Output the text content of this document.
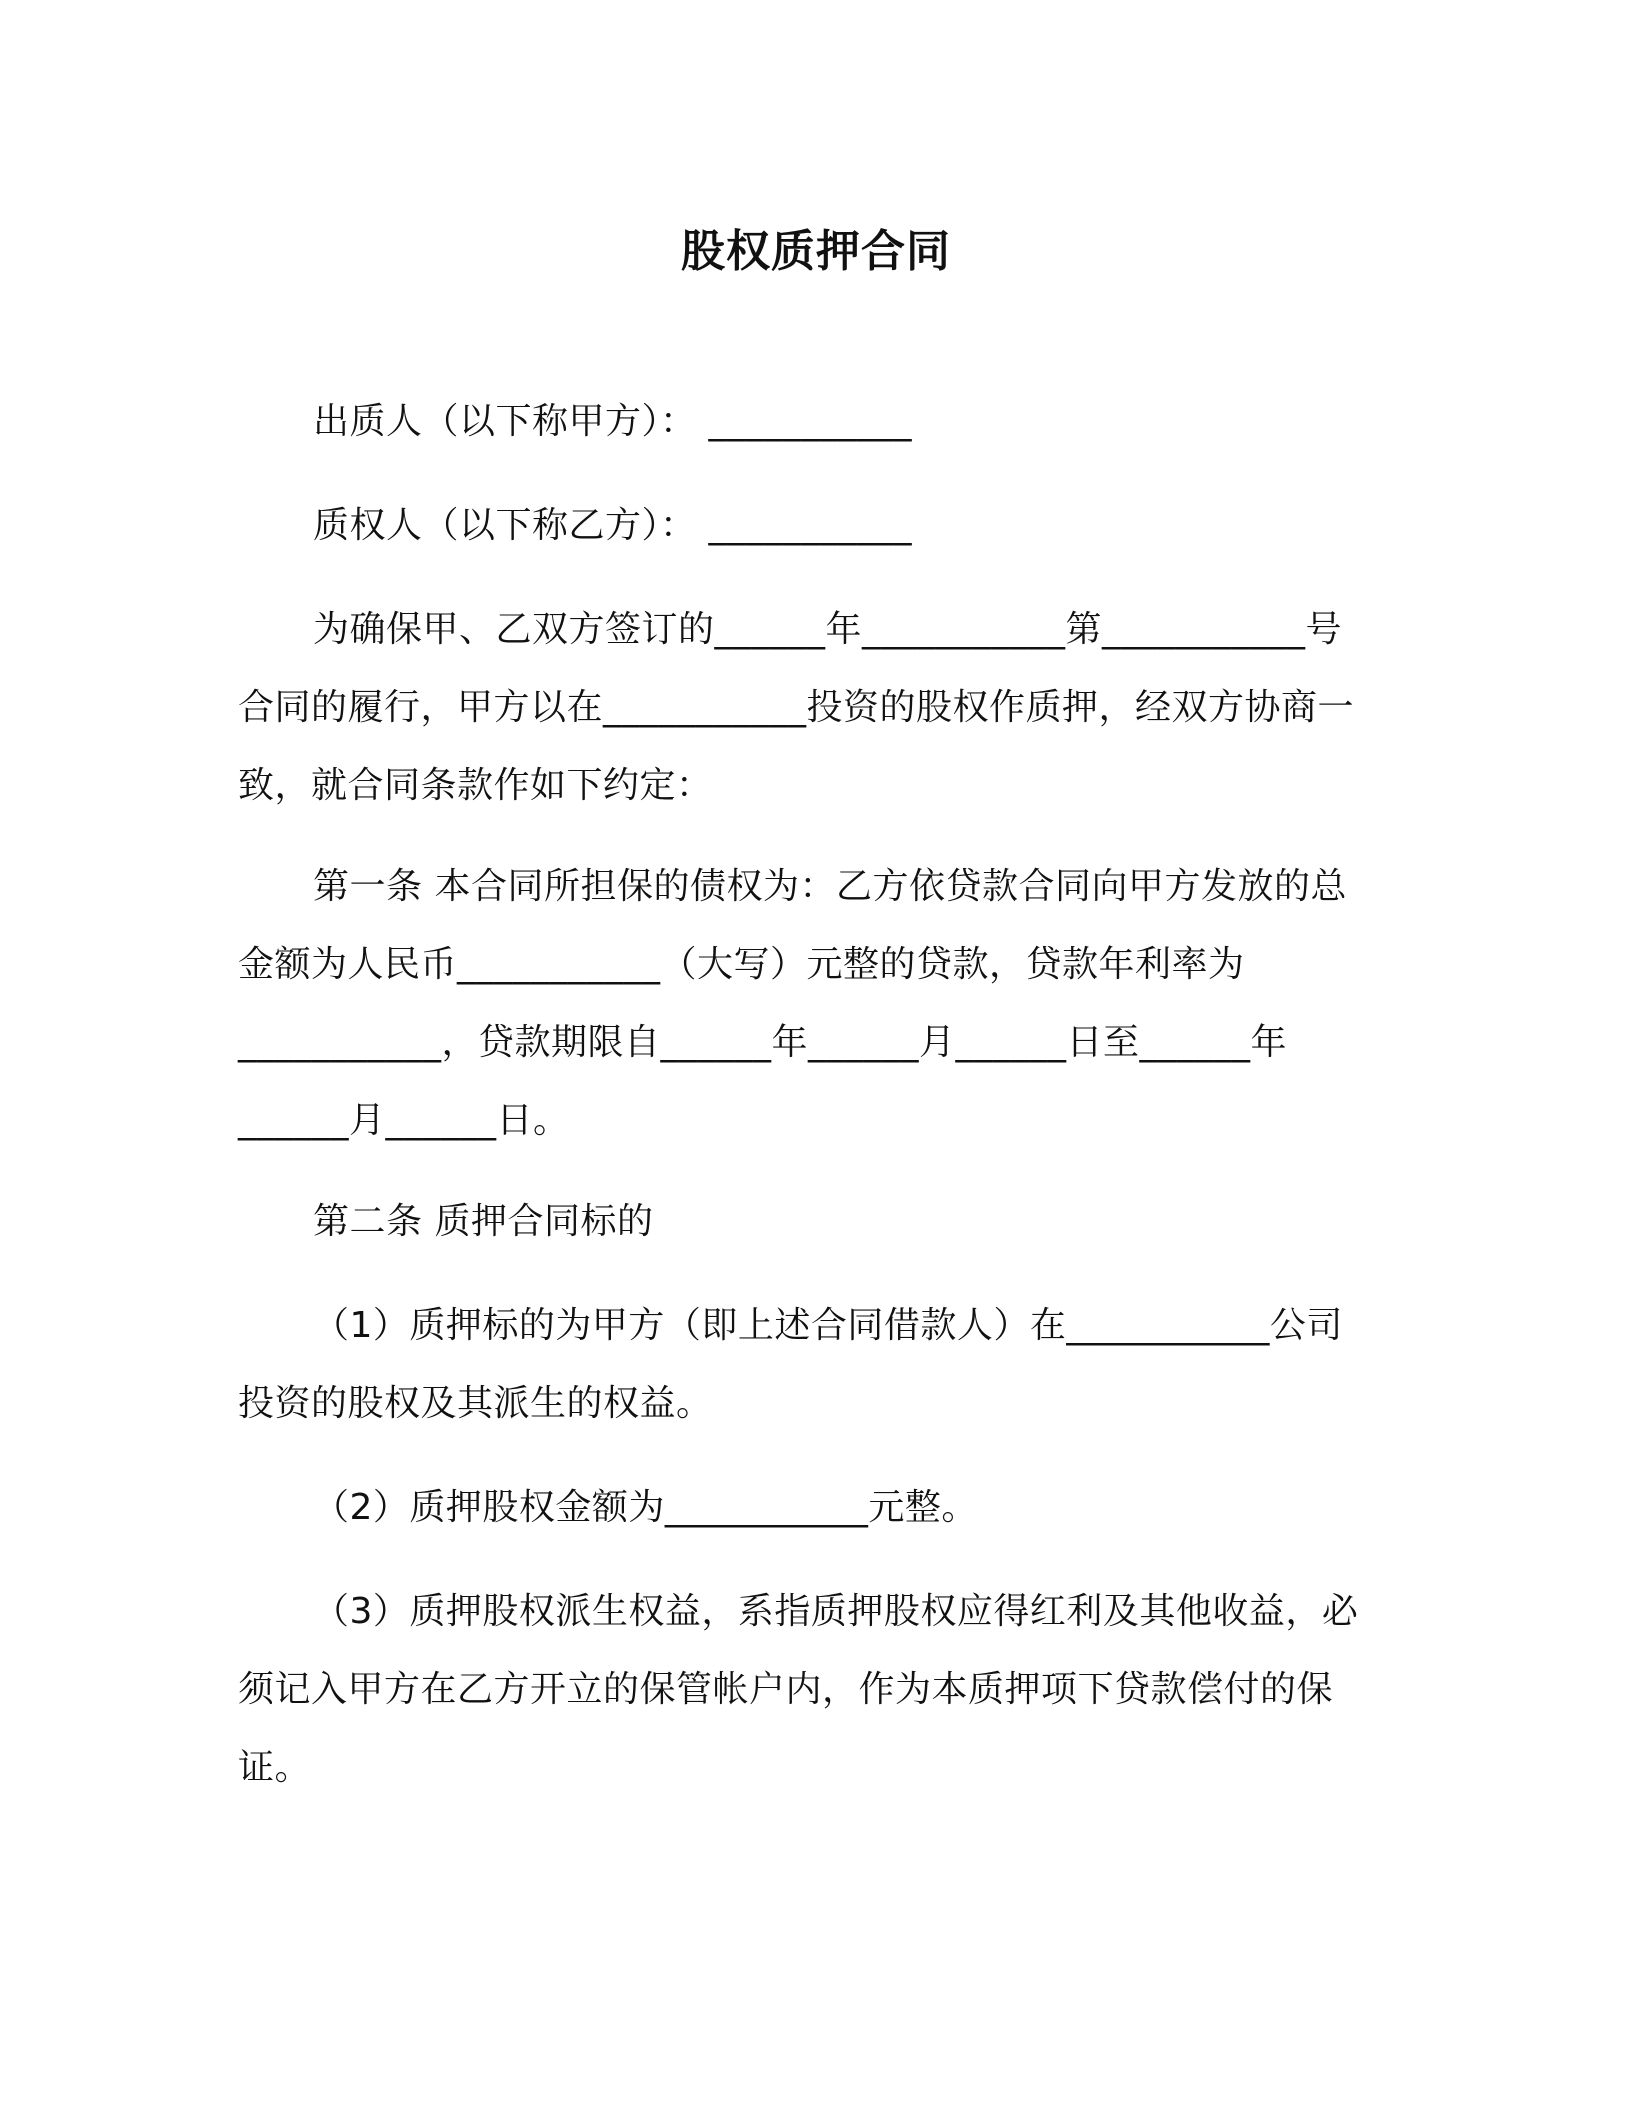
股权质押合同
出质人（以下称甲方）： ___________
质权人（以下称乙方）： ___________
为确保甲、乙双方签订的______年___________第___________号
合同的履行，甲方以在___________投资的股权作质押，经双方协商一
致，就合同条款作如下约定：
第一条 本合同所担保的债权为：乙方依贷款合同向甲方发放的总
金额为人民币___________（大写）元整的贷款，贷款年利率为
___________，贷款期限自______年______月______日至______年
______月______日。
第二条 质押合同标的
（1）质押标的为甲方（即上述合同借款人）在___________公司
投资的股权及其派生的权益。
（2）质押股权金额为___________元整。
（3）质押股权派生权益，系指质押股权应得红利及其他收益，必
须记入甲方在乙方开立的保管帐户内，作为本质押项下贷款偿付的保
证。
